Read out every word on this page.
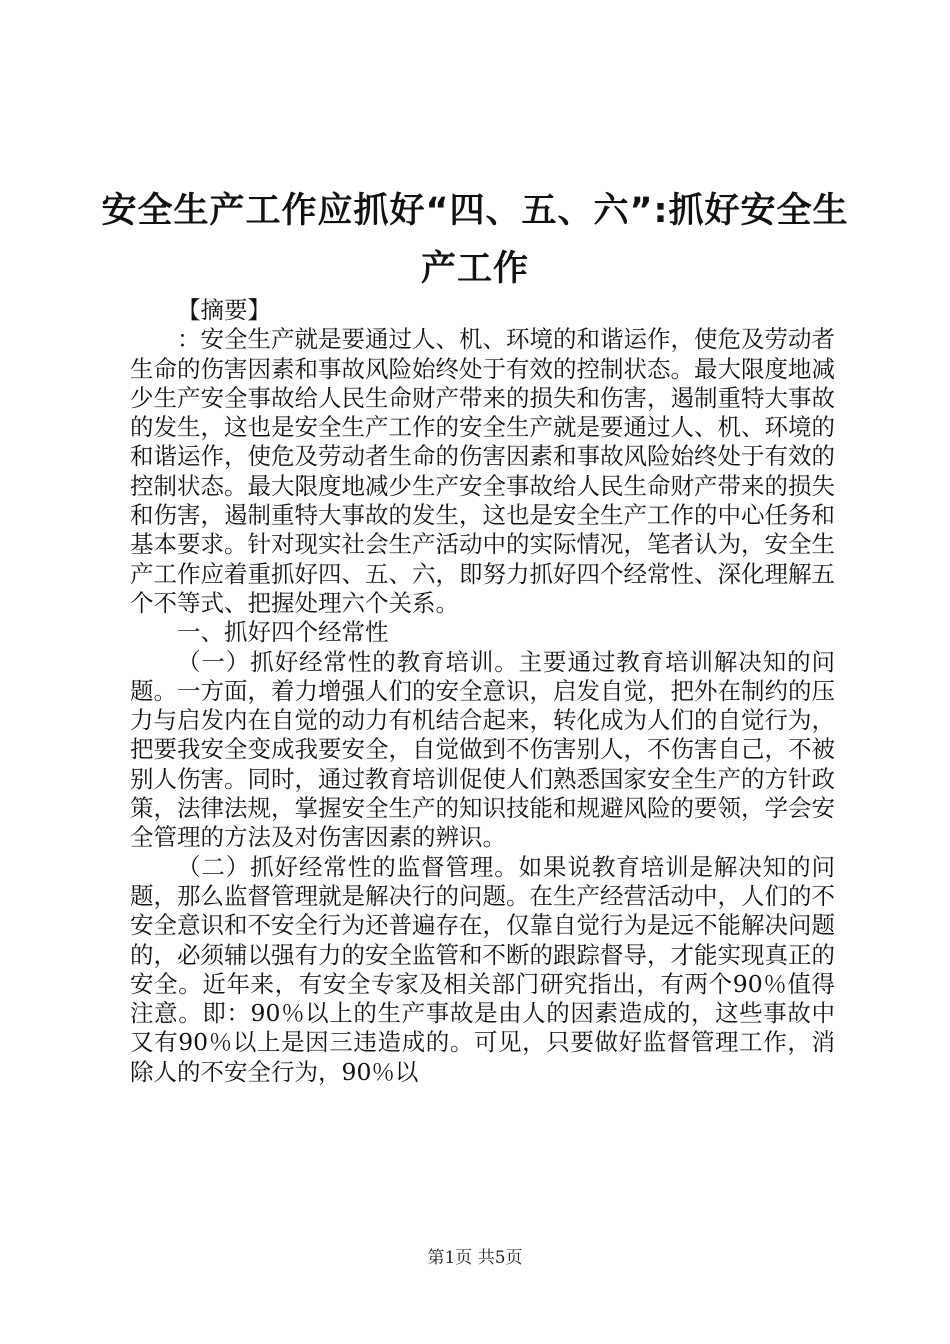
安全生产工作应抓好“四、五、六”:抓好安全生产工作

【摘要】

：安全生产就是要通过人、机、环境的和谐运作，使危及劳动者生命的伤害因素和事故风险始终处于有效的控制状态。最大限度地减少生产安全事故给人民生命财产带来的损失和伤害，遏制重特大事故的发生，这也是安全生产工作的安全生产就是要通过人、机、环境的和谐运作，使危及劳动者生命的伤害因素和事故风险始终处于有效的控制状态。最大限度地减少生产安全事故给人民生命财产带来的损失和伤害，遏制重特大事故的发生，这也是安全生产工作的中心任务和基本要求。针对现实社会生产活动中的实际情况，笔者认为，安全生产工作应着重抓好四、五、六，即努力抓好四个经常性、深化理解五个不等式、把握处理六个关系。

一、抓好四个经常性

（一）抓好经常性的教育培训。主要通过教育培训解决知的问题。一方面，着力增强人们的安全意识，启发自觉，把外在制约的压力与启发内在自觉的动力有机结合起来，转化成为人们的自觉行为，把要我安全变成我要安全，自觉做到不伤害别人，不伤害自己，不被别人伤害。同时，通过教育培训促使人们熟悉国家安全生产的方针政策，法律法规，掌握安全生产的知识技能和规避风险的要领，学会安全管理的方法及对伤害因素的辨识。

（二）抓好经常性的监督管理。如果说教育培训是解决知的问题，那么监督管理就是解决行的问题。在生产经营活动中，人们的不安全意识和不安全行为还普遍存在，仅靠自觉行为是远不能解决问题的，必须辅以强有力的安全监管和不断的跟踪督导，才能实现真正的安全。近年来，有安全专家及相关部门研究指出，有两个90％值得注意。即：90％以上的生产事故是由人的因素造成的，这些事故中又有90％以上是因三违造成的。可见，只要做好监督管理工作，消除人的不安全行为，90％以

第1页 共5页
